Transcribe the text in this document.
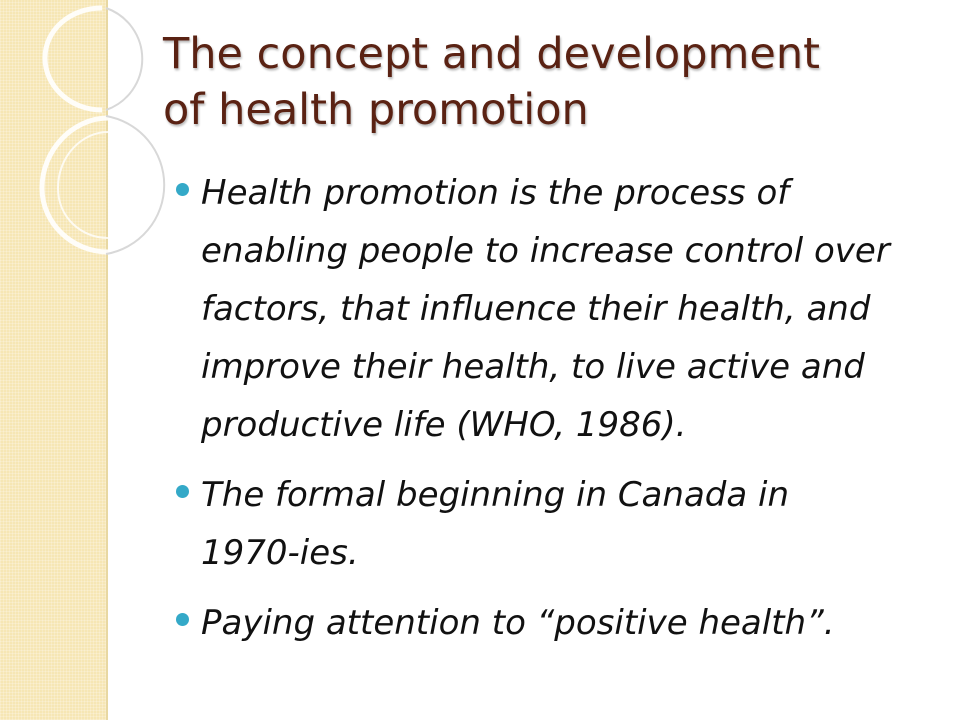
The concept and development
of health promotion
Health promotion is the process of
enabling people to increase control over
factors, that influence their health, and
improve their health, to live active and
productive life (WHO, 1986).
The formal beginning in Canada in
1970-ies.
Paying attention to “positive health”.
